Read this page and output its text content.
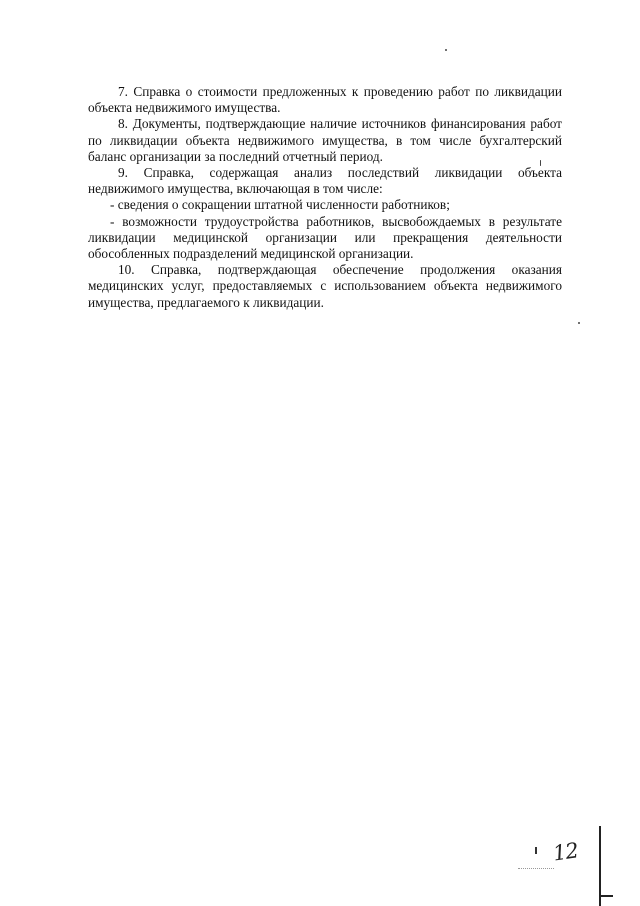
7. Справка о стоимости предложенных к проведению работ по ликвидации объекта недвижимого имущества.

8. Документы, подтверждающие наличие источников финансирования работ по ликвидации объекта недвижимого имущества, в том числе бухгалтерский баланс организации за последний отчетный период.

9. Справка, содержащая анализ последствий ликвидации объекта недвижимого имущества, включающая в том числе:

- сведения о сокращении штатной численности работников;

- возможности трудоустройства работников, высвобождаемых в результате ликвидации медицинской организации или прекращения деятельности обособленных подразделений медицинской организации.

10. Справка, подтверждающая обеспечение продолжения оказания медицинских услуг, предоставляемых с использованием объекта недвижимого имущества, предлагаемого к ликвидации.

12
